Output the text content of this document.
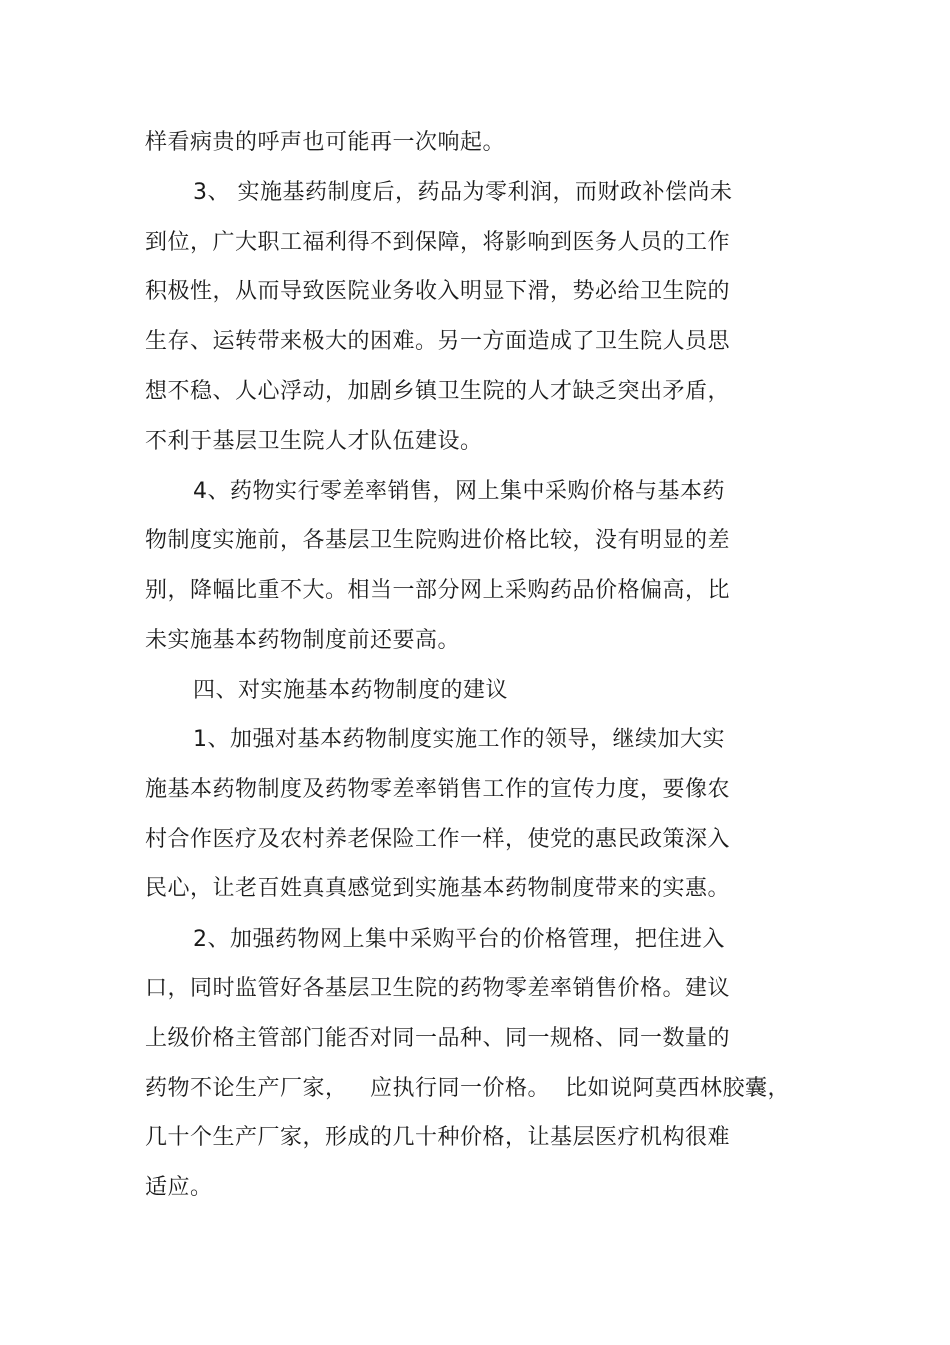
样看病贵的呼声也可能再一次响起。

3、 实施基药制度后，药品为零利润，而财政补偿尚未

到位，广大职工福利得不到保障，将影响到医务人员的工作

积极性，从而导致医院业务收入明显下滑，势必给卫生院的

生存、运转带来极大的困难。另一方面造成了卫生院人员思

想不稳、人心浮动，加剧乡镇卫生院的人才缺乏突出矛盾，

不利于基层卫生院人才队伍建设。

4、药物实行零差率销售，网上集中采购价格与基本药

物制度实施前，各基层卫生院购进价格比较，没有明显的差

别，降幅比重不大。相当一部分网上采购药品价格偏高，比

未实施基本药物制度前还要高。

四、对实施基本药物制度的建议

1、加强对基本药物制度实施工作的领导，继续加大实

施基本药物制度及药物零差率销售工作的宣传力度，要像农

村合作医疗及农村养老保险工作一样，使党的惠民政策深入

民心，让老百姓真真感觉到实施基本药物制度带来的实惠。

2、加强药物网上集中采购平台的价格管理，把住进入

口，同时监管好各基层卫生院的药物零差率销售价格。建议

上级价格主管部门能否对同一品种、同一规格、同一数量的

药物不论生产厂家，   应执行同一价格。  比如说阿莫西林胶囊，

几十个生产厂家，形成的几十种价格，让基层医疗机构很难

适应。
